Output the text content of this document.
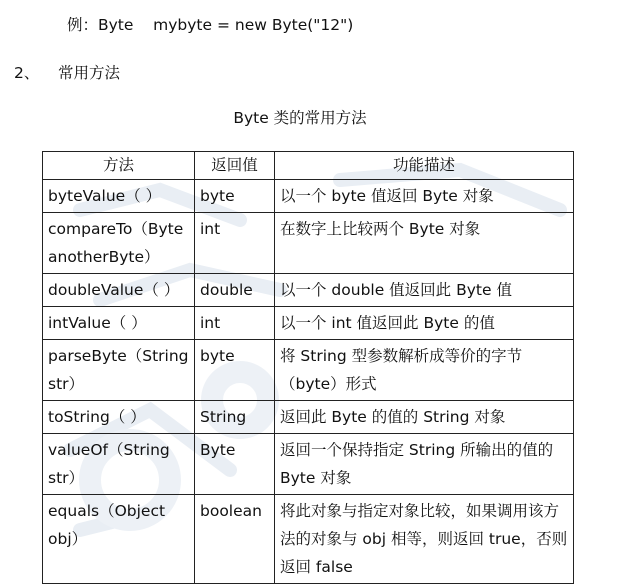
例：Byte    mybyte = new Byte("12")
2、 常用方法
Byte 类的常用方法
方法	返回值	功能描述
byteValue（ ）	byte	以一个 byte 值返回 Byte 对象
compareTo（Byte anotherByte）	int	在数字上比较两个 Byte 对象
doubleValue（ ）	double	以一个 double 值返回此 Byte 值
intValue（ ）	int	以一个 int 值返回此 Byte 的值
parseByte（String str）	byte	将 String 型参数解析成等价的字节（byte）形式
toString（ ）	String	返回此 Byte 的值的 String 对象
valueOf（String str）	Byte	返回一个保持指定 String 所输出的值的 Byte 对象
equals（Object obj）	boolean	将此对象与指定对象比较，如果调用该方法的对象与 obj 相等，则返回 true，否则返回 false
